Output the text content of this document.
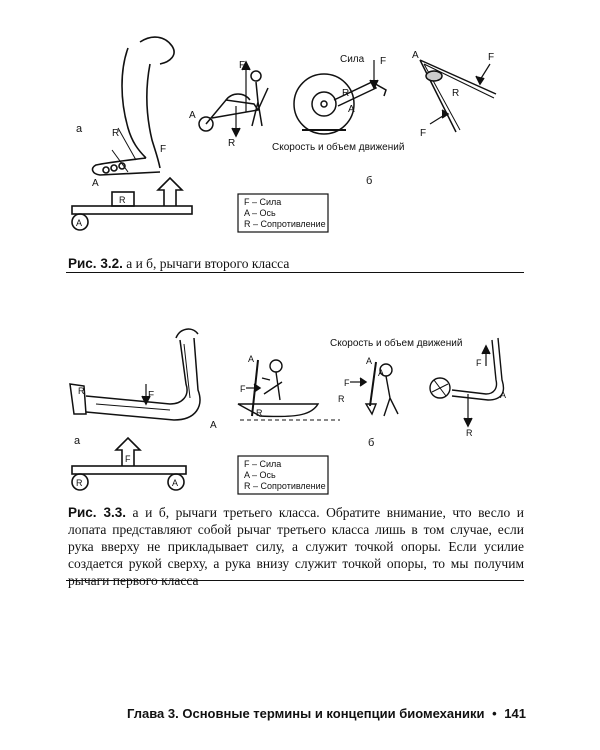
а	R
F
A
A
R
F
A
R
Сила F
A
R
Скорость и объем движений
A	F
R
F
б
F – Сила
A – Ось
R – Сопротивление
Рис. 3.2. а и б, рычаги второго класса
R	F
A
а
R
F
A
A
F
R
Скорость и объем движений
A
A
F
R
б
F
A
R
F – Сила
A – Ось
R – Сопротивление
Рис. 3.3. а и б, рычаги третьего класса. Обратите внимание, что весло и лопата представляют собой рычаг третьего класса лишь в том случае, если рука вверху не прикладывает силу, а служит точкой опоры. Если усилие создается рукой сверху, а рука внизу служит точкой опоры, то мы получим рычаги первого класса
Глава 3. Основные термины и концепции биомеханики • 141
